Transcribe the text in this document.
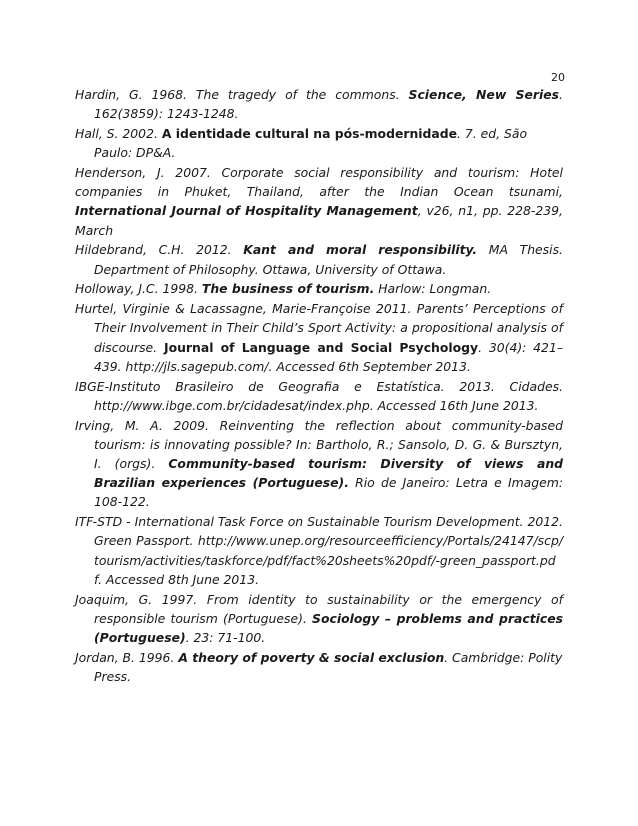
20

Hardin, G. 1968. The tragedy of the commons. Science, New Series. 162(3859): 1243-1248.

Hall, S. 2002. A identidade cultural na pós-modernidade. 7. ed, São Paulo: DP&A.

Henderson, J. 2007. Corporate social responsibility and tourism: Hotel companies in Phuket, Thailand, after the Indian Ocean tsunami, International Journal of Hospitality Management, v26, n1, pp. 228-239, March

Hildebrand, C.H. 2012. Kant and moral responsibility. MA Thesis. Department of Philosophy. Ottawa, University of Ottawa.

Holloway, J.C. 1998. The business of tourism. Harlow: Longman.

Hurtel, Virginie & Lacassagne, Marie-Françoise 2011. Parents’ Perceptions of Their Involvement in Their Child’s Sport Activity: a propositional analysis of discourse. Journal of Language and Social Psychology. 30(4): 421–439. http://jls.sagepub.com/. Accessed 6th September 2013.

IBGE-Instituto Brasileiro de Geografia e Estatística. 2013. Cidades. http://www.ibge.com.br/cidadesat/index.php. Accessed 16th June 2013.

Irving, M. A. 2009. Reinventing the reflection about community-based tourism: is innovating possible? In: Bartholo, R.; Sansolo, D. G. & Bursztyn, I. (orgs). Community-based tourism: Diversity of views and Brazilian experiences (Portuguese). Rio de Janeiro: Letra e Imagem: 108-122.

ITF-STD - International Task Force on Sustainable Tourism Development. 2012. Green Passport. http://www.unep.org/resourceefficiency/Portals/24147/scp/tourism/activities/taskforce/pdf/fact%20sheets%20pdf/-green_passport.pdf. Accessed 8th June 2013.

Joaquim, G. 1997. From identity to sustainability or the emergency of responsible tourism (Portuguese). Sociology – problems and practices (Portuguese). 23: 71-100.

Jordan, B. 1996. A theory of poverty & social exclusion. Cambridge: Polity Press.
